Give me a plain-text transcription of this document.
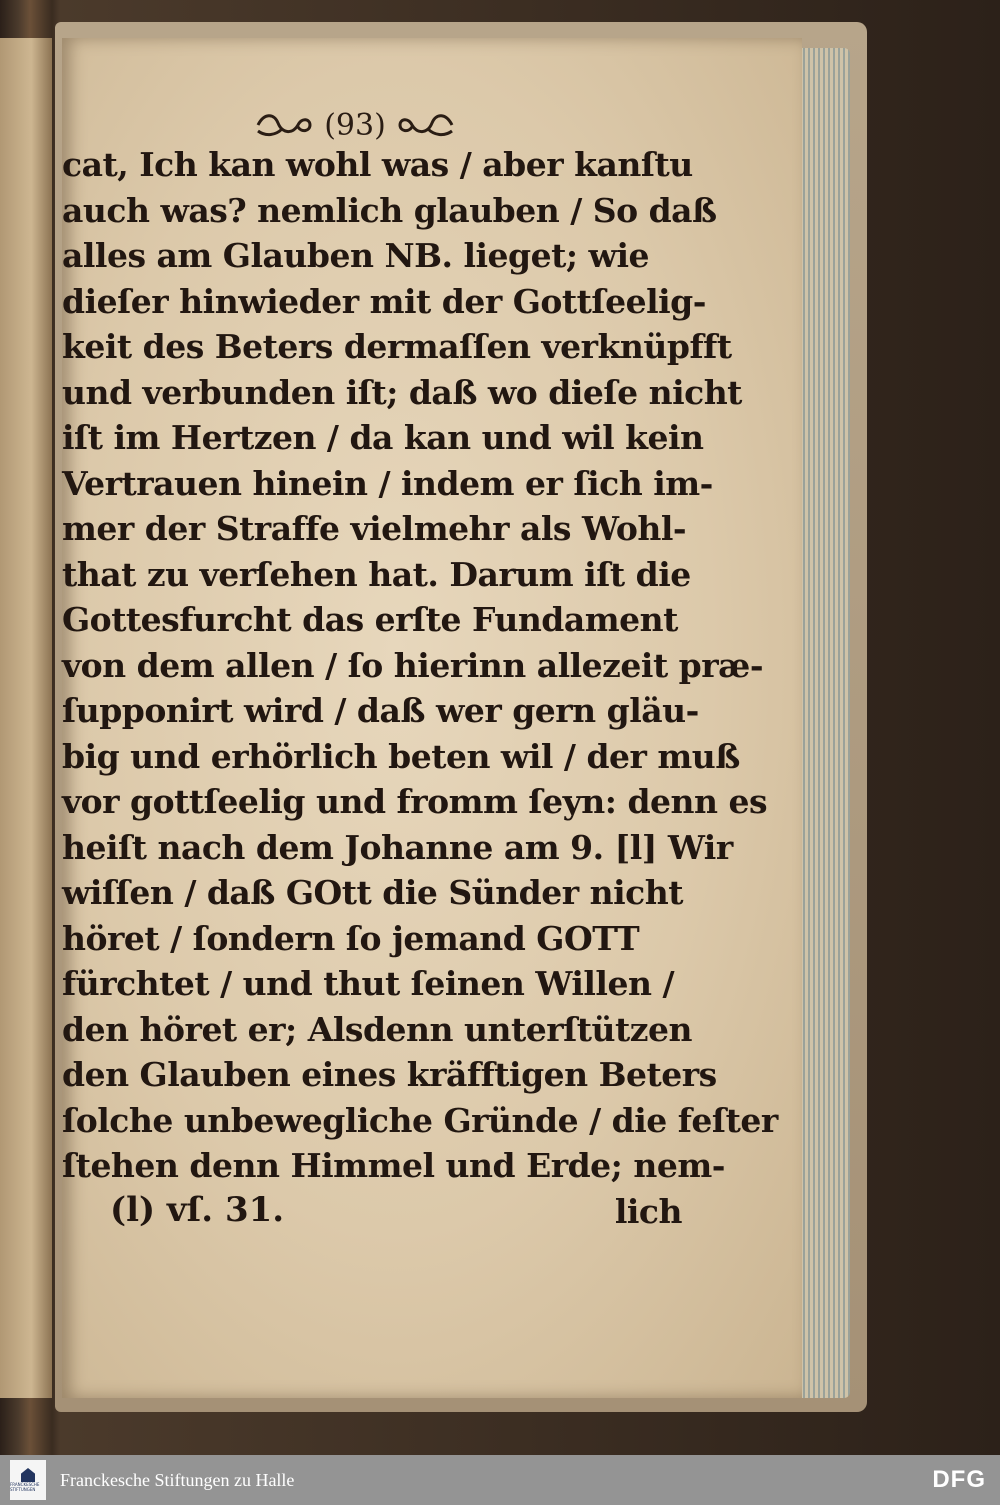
(93)
cat, Ich kan wohl was / aber kanſtu
auch was? nemlich glauben / So daß
alles am Glauben NB. lieget; wie
dieſer hinwieder mit der Gottſeelig-
keit des Beters dermaſſen verknüpfft
und verbunden iſt; daß wo dieſe nicht
iſt im Hertzen / da kan und wil kein
Vertrauen hinein / indem er ſich im-
mer der Straffe vielmehr als Wohl-
that zu verſehen hat. Darum iſt die
Gottesfurcht das erſte Fundament
von dem allen / ſo hierinn allezeit præ-
ſupponirt wird / daß wer gern gläu-
big und erhörlich beten wil / der muß
vor gottſeelig und fromm ſeyn: denn es
heiſt nach dem Johanne am 9. [l] Wir
wiſſen / daß GOtt die Sünder nicht
höret / ſondern ſo jemand GOTT
fürchtet / und thut ſeinen Willen /
den höret er; Alsdenn unterſtützen
den Glauben eines kräfftigen Beters
ſolche unbewegliche Gründe / die feſter
ſtehen denn Himmel und Erde; nem-
lich
(l) vſ. 31.
FRANCKESCHE STIFTUNGEN	Franckesche Stiftungen zu Halle	DFG
